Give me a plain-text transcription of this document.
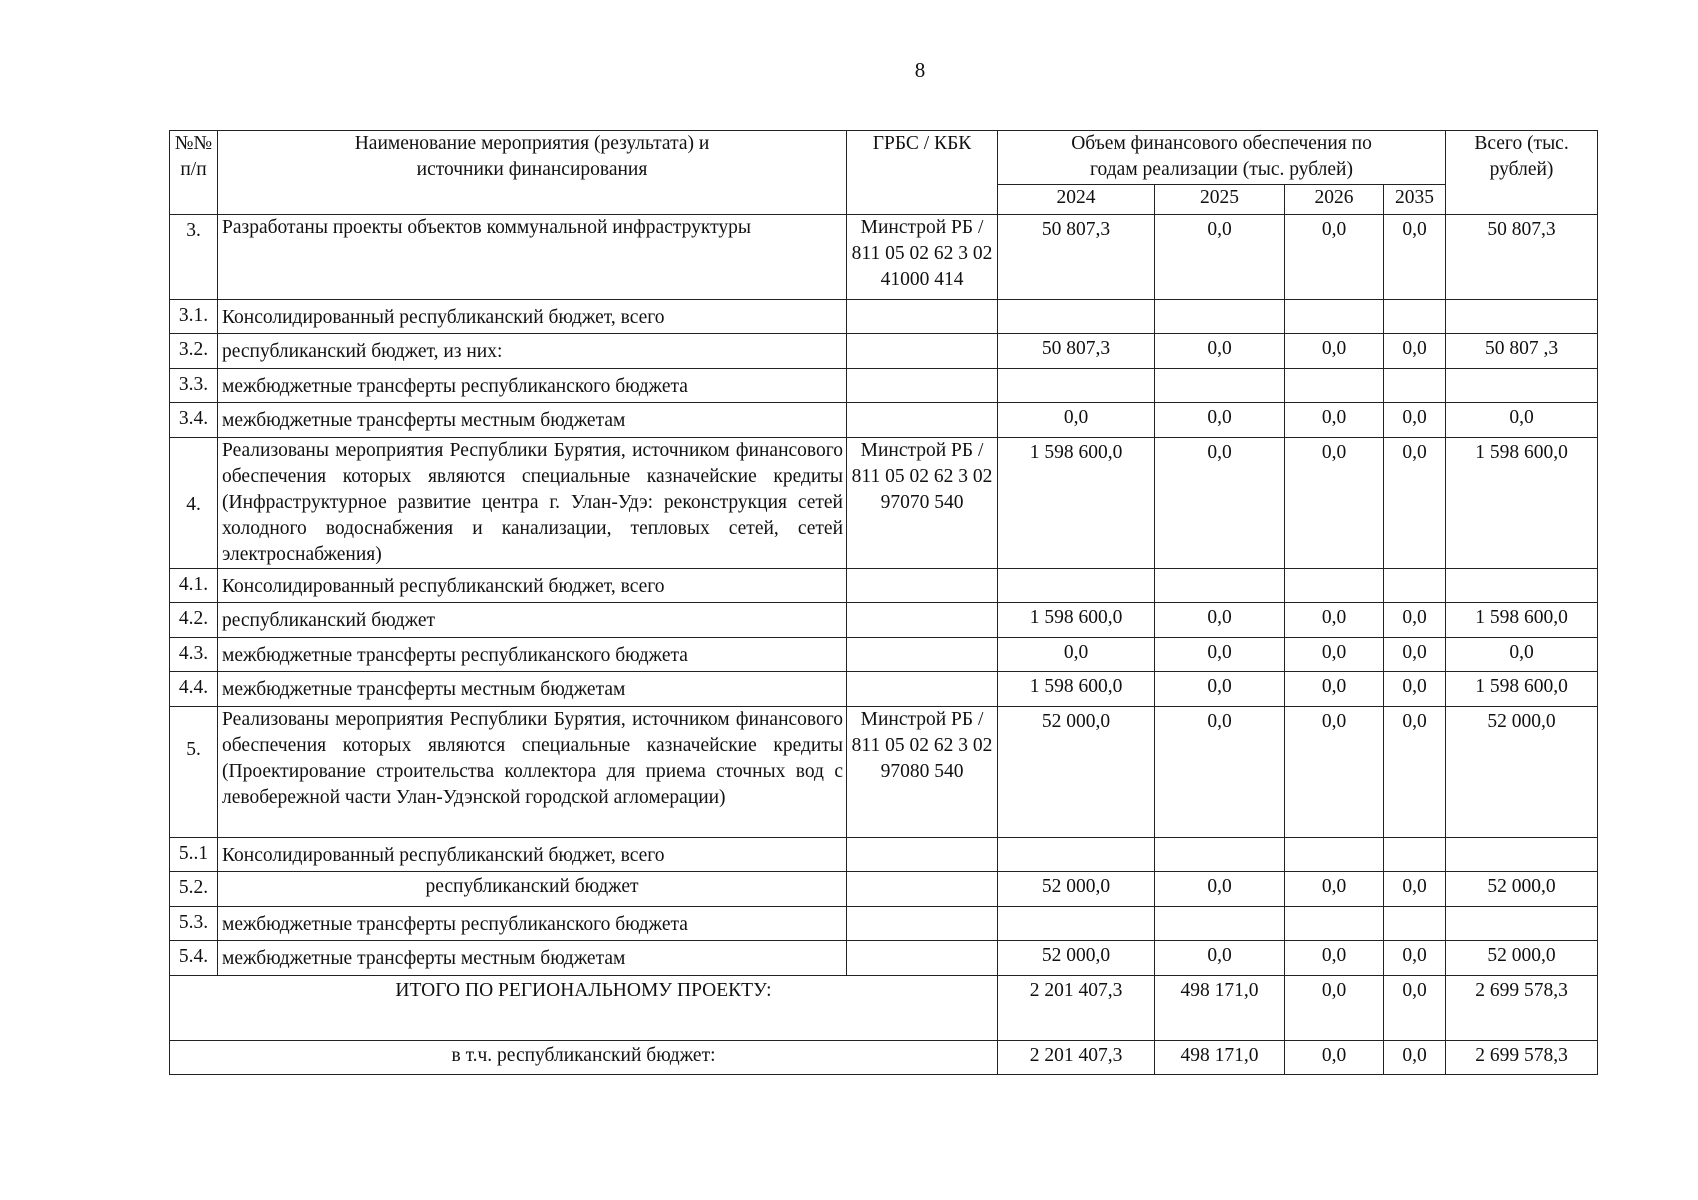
8
№№ п/п	Наименование мероприятия (результата) и источники финансирования	ГРБС / КБК	Объем финансового обеспечения по годам реализации (тыс. рублей)				Всего (тыс. рублей)
			2024	2025	2026	2035	
3.	Разработаны проекты объектов коммунальной инфраструктуры	Минстрой РБ / 811 05 02 62 3 02 41000 414	50 807,3	0,0	0,0	0,0	50 807,3
3.1.	Консолидированный республиканский бюджет, всего						
3.2.	республиканский бюджет, из них:		50 807,3	0,0	0,0	0,0	50 807 ,3
3.3.	межбюджетные трансферты республиканского бюджета						
3.4.	межбюджетные трансферты местным бюджетам		0,0	0,0	0,0	0,0	0,0
4.	Реализованы мероприятия Республики Бурятия, источником финансового обеспечения которых являются специальные казначейские кредиты (Инфраструктурное развитие центра г. Улан-Удэ: реконструкция сетей холодного водоснабжения и канализации, тепловых сетей, сетей электроснабжения)	Минстрой РБ / 811 05 02 62 3 02 97070 540	1 598 600,0	0,0	0,0	0,0	1 598 600,0
4.1.	Консолидированный республиканский бюджет, всего						
4.2.	республиканский бюджет		1 598 600,0	0,0	0,0	0,0	1 598 600,0
4.3.	межбюджетные трансферты республиканского бюджета		0,0	0,0	0,0	0,0	0,0
4.4.	межбюджетные трансферты местным бюджетам		1 598 600,0	0,0	0,0	0,0	1 598 600,0
5.	Реализованы мероприятия Республики Бурятия, источником финансового обеспечения которых являются специальные казначейские кредиты (Проектирование строительства коллектора для приема сточных вод с левобережной части Улан-Удэнской городской агломерации)	Минстрой РБ / 811 05 02 62 3 02 97080 540	52 000,0	0,0	0,0	0,0	52 000,0
5..1	Консолидированный республиканский бюджет, всего						
5.2.	республиканский бюджет		52 000,0	0,0	0,0	0,0	52 000,0
5.3.	межбюджетные трансферты республиканского бюджета						
5.4.	межбюджетные трансферты местным бюджетам		52 000,0	0,0	0,0	0,0	52 000,0
ИТОГО ПО РЕГИОНАЛЬНОМУ ПРОЕКТУ:			2 201 407,3	498 171,0	0,0	0,0	2 699 578,3
в т.ч. республиканский бюджет:			2 201 407,3	498 171,0	0,0	0,0	2 699 578,3
